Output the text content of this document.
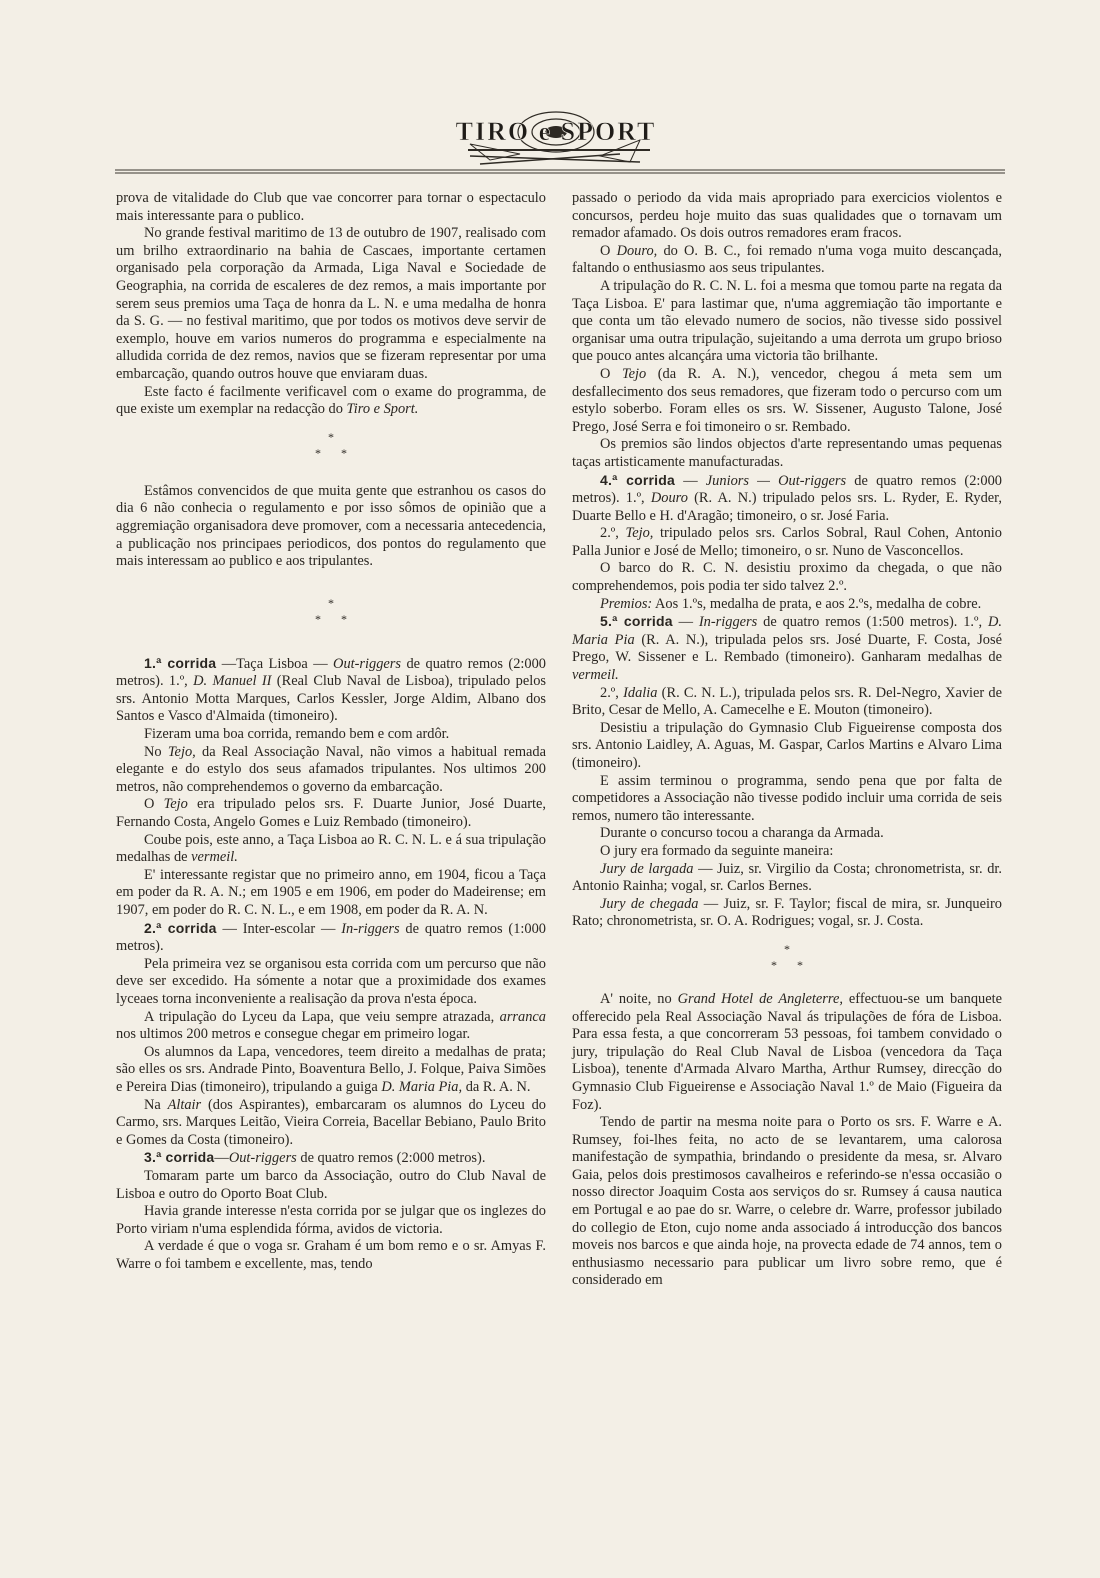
TIRO e SPORT

prova de vitalidade do Club que vae concorrer para tornar o espectaculo mais interessante para o publico.

No grande festival maritimo de 13 de outubro de 1907, realisado com um brilho extraordinario na bahia de Cascaes, importante certamen organisado pela corporação da Armada, Liga Naval e Sociedade de Geographia, na corrida de escaleres de dez remos, a mais importante por serem seus premios uma Taça de honra da L. N. e uma medalha de honra da S. G. — no festival maritimo, que por todos os motivos deve servir de exemplo, houve em varios numeros do programma e especialmente na alludida corrida de dez remos, navios que se fizeram representar por uma embarcação, quando outros houve que enviaram duas.

Este facto é facilmente verificavel com o exame do programma, de que existe um exemplar na redacção do Tiro e Sport.

*
**

Estâmos convencidos de que muita gente que estranhou os casos do dia 6 não conhecia o regulamento e por isso sômos de opinião que a aggremiação organisadora deve promover, com a necessaria antecedencia, a publicação nos principaes periodicos, dos pontos do regulamento que mais interessam ao publico e aos tripulantes.

*
**

1.ª corrida —Taça Lisboa — Out-riggers de quatro remos (2:000 metros). 1.º, D. Manuel II (Real Club Naval de Lisboa), tripulado pelos srs. Antonio Motta Marques, Carlos Kessler, Jorge Aldim, Albano dos Santos e Vasco d'Almaida (timoneiro).

Fizeram uma boa corrida, remando bem e com ardôr.

No Tejo, da Real Associação Naval, não vimos a habitual remada elegante e do estylo dos seus afamados tripulantes. Nos ultimos 200 metros, não comprehendemos o governo da embarcação.

O Tejo era tripulado pelos srs. F. Duarte Junior, José Duarte, Fernando Costa, Angelo Gomes e Luiz Rembado (timoneiro).

Coube pois, este anno, a Taça Lisboa ao R. C. N. L. e á sua tripulação medalhas de vermeil.

E' interessante registar que no primeiro anno, em 1904, ficou a Taça em poder da R. A. N.; em 1905 e em 1906, em poder do Madeirense; em 1907, em poder do R. C. N. L., e em 1908, em poder da R. A. N.

2.ª corrida — Inter-escolar — In-riggers de quatro remos (1:000 metros).

Pela primeira vez se organisou esta corrida com um percurso que não deve ser excedido. Ha sómente a notar que a proximidade dos exames lyceaes torna inconveniente a realisação da prova n'esta época.

A tripulação do Lyceu da Lapa, que veiu sempre atrazada, arranca nos ultimos 200 metros e consegue chegar em primeiro logar.

Os alumnos da Lapa, vencedores, teem direito a medalhas de prata; são elles os srs. Andrade Pinto, Boaventura Bello, J. Folque, Paiva Simões e Pereira Dias (timoneiro), tripulando a guiga D. Maria Pia, da R. A. N.

Na Altair (dos Aspirantes), embarcaram os alumnos do Lyceu do Carmo, srs. Marques Leitão, Vieira Correia, Bacellar Bebiano, Paulo Brito e Gomes da Costa (timoneiro).

3.ª corrida—Out-riggers de quatro remos (2:000 metros).

Tomaram parte um barco da Associação, outro do Club Naval de Lisboa e outro do Oporto Boat Club.

Havia grande interesse n'esta corrida por se julgar que os inglezes do Porto viriam n'uma esplendida fórma, avidos de victoria.

A verdade é que o voga sr. Graham é um bom remo e o sr. Amyas F. Warre o foi tambem e excellente, mas, tendo

passado o periodo da vida mais apropriado para exercicios violentos e concursos, perdeu hoje muito das suas qualidades que o tornavam um remador afamado. Os dois outros remadores eram fracos.

O Douro, do O. B. C., foi remado n'uma voga muito descançada, faltando o enthusiasmo aos seus tripulantes.

A tripulação do R. C. N. L. foi a mesma que tomou parte na regata da Taça Lisboa. E' para lastimar que, n'uma aggremiação tão importante e que conta um tão elevado numero de socios, não tivesse sido possivel organisar uma outra tripulação, sujeitando a uma derrota um grupo brioso que pouco antes alcançára uma victoria tão brilhante.

O Tejo (da R. A. N.), vencedor, chegou á meta sem um desfallecimento dos seus remadores, que fizeram todo o percurso com um estylo soberbo. Foram elles os srs. W. Sissener, Augusto Talone, José Prego, José Serra e foi timoneiro o sr. Rembado.

Os premios são lindos objectos d'arte representando umas pequenas taças artisticamente manufacturadas.

4.ª corrida — Juniors — Out-riggers de quatro remos (2:000 metros). 1.º, Douro (R. A. N.) tripulado pelos srs. L. Ryder, E. Ryder, Duarte Bello e H. d'Aragão; timoneiro, o sr. José Faria.

2.º, Tejo, tripulado pelos srs. Carlos Sobral, Raul Cohen, Antonio Palla Junior e José de Mello; timoneiro, o sr. Nuno de Vasconcellos.

O barco do R. C. N. desistiu proximo da chegada, o que não comprehendemos, pois podia ter sido talvez 2.º.

Premios: Aos 1.ºs, medalha de prata, e aos 2.ºs, medalha de cobre.

5.ª corrida — In-riggers de quatro remos (1:500 metros). 1.º, D. Maria Pia (R. A. N.), tripulada pelos srs. José Duarte, F. Costa, José Prego, W. Sissener e L. Rembado (timoneiro). Ganharam medalhas de vermeil.

2.º, Idalia (R. C. N. L.), tripulada pelos srs. R. Del-Negro, Xavier de Brito, Cesar de Mello, A. Camecelhe e E. Mouton (timoneiro).

Desistiu a tripulação do Gymnasio Club Figueirense composta dos srs. Antonio Laidley, A. Aguas, M. Gaspar, Carlos Martins e Alvaro Lima (timoneiro).

E assim terminou o programma, sendo pena que por falta de competidores a Associação não tivesse podido incluir uma corrida de seis remos, numero tão interessante.

Durante o concurso tocou a charanga da Armada.

O jury era formado da seguinte maneira:

Jury de largada — Juiz, sr. Virgilio da Costa; chronometrista, sr. dr. Antonio Rainha; vogal, sr. Carlos Bernes.

Jury de chegada — Juiz, sr. F. Taylor; fiscal de mira, sr. Junqueiro Rato; chronometrista, sr. O. A. Rodrigues; vogal, sr. J. Costa.

*
**

A' noite, no Grand Hotel de Angleterre, effectuou-se um banquete offerecido pela Real Associação Naval ás tripulações de fóra de Lisboa. Para essa festa, a que concorreram 53 pessoas, foi tambem convidado o jury, tripulação do Real Club Naval de Lisboa (vencedora da Taça Lisboa), tenente d'Armada Alvaro Martha, Arthur Rumsey, direcção do Gymnasio Club Figueirense e Associação Naval 1.º de Maio (Figueira da Foz).

Tendo de partir na mesma noite para o Porto os srs. F. Warre e A. Rumsey, foi-lhes feita, no acto de se levantarem, uma calorosa manifestação de sympathia, brindando o presidente da mesa, sr. Alvaro Gaia, pelos dois prestimosos cavalheiros e referindo-se n'essa occasião o nosso director Joaquim Costa aos serviços do sr. Rumsey á causa nautica em Portugal e ao pae do sr. Warre, o celebre dr. Warre, professor jubilado do collegio de Eton, cujo nome anda associado á introducção dos bancos moveis nos barcos e que ainda hoje, na provecta edade de 74 annos, tem o enthusiasmo necessario para publicar um livro sobre remo, que é considerado em
